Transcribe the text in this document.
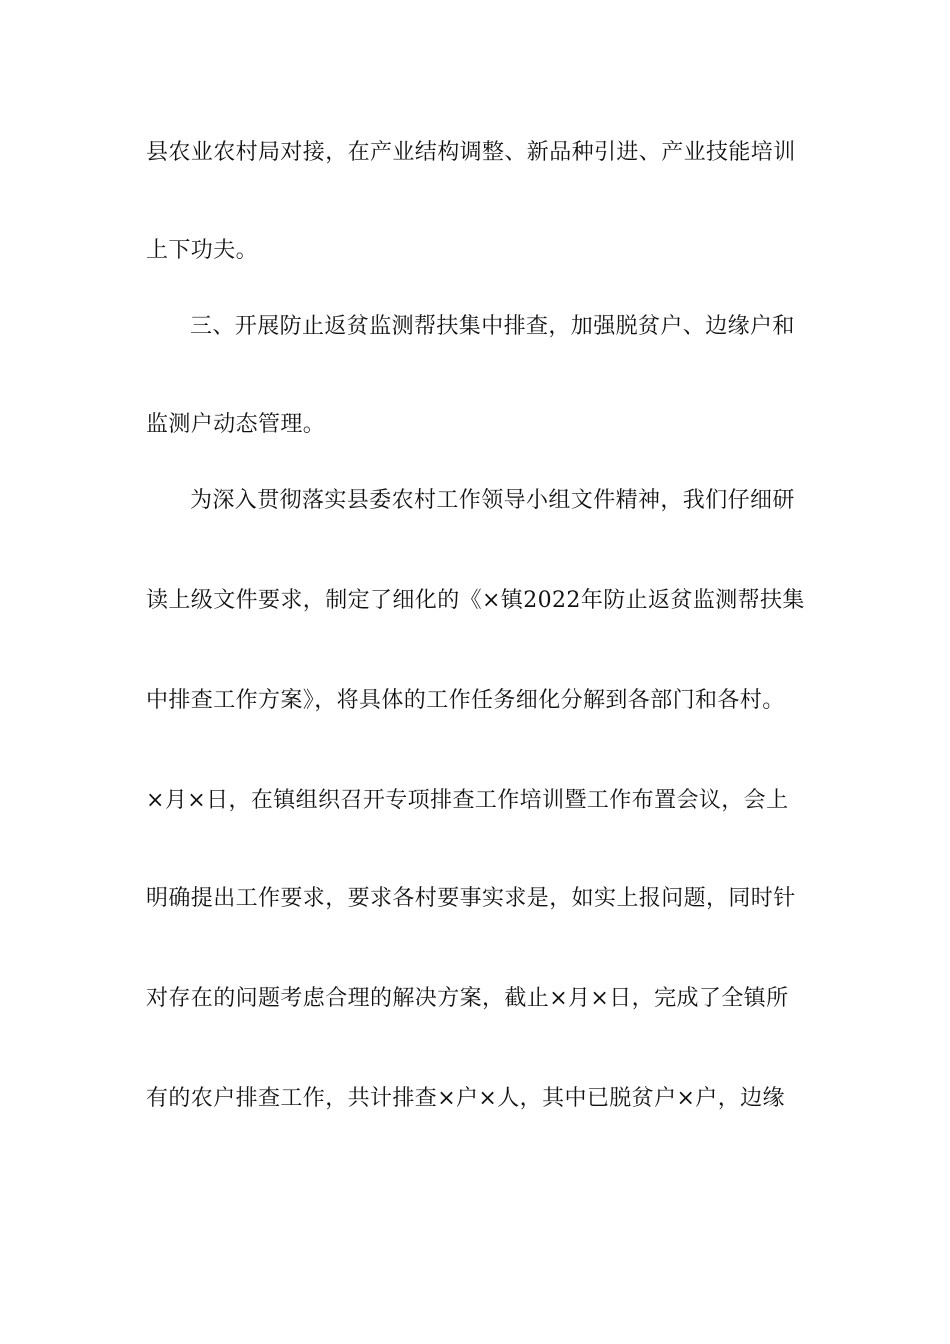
县农业农村局对接，在产业结构调整、新品种引进、产业技能培训
上下功夫。
三、开展防止返贫监测帮扶集中排查，加强脱贫户、边缘户和
监测户动态管理。
为深入贯彻落实县委农村工作领导小组文件精神，我们仔细研
读上级文件要求，制定了细化的《×镇2022年防止返贫监测帮扶集
中排查工作方案》，将具体的工作任务细化分解到各部门和各村。
×月×日，在镇组织召开专项排查工作培训暨工作布置会议，会上
明确提出工作要求，要求各村要事实求是，如实上报问题，同时针
对存在的问题考虑合理的解决方案，截止×月×日，完成了全镇所
有的农户排查工作，共计排查×户×人，其中已脱贫户×户，边缘
